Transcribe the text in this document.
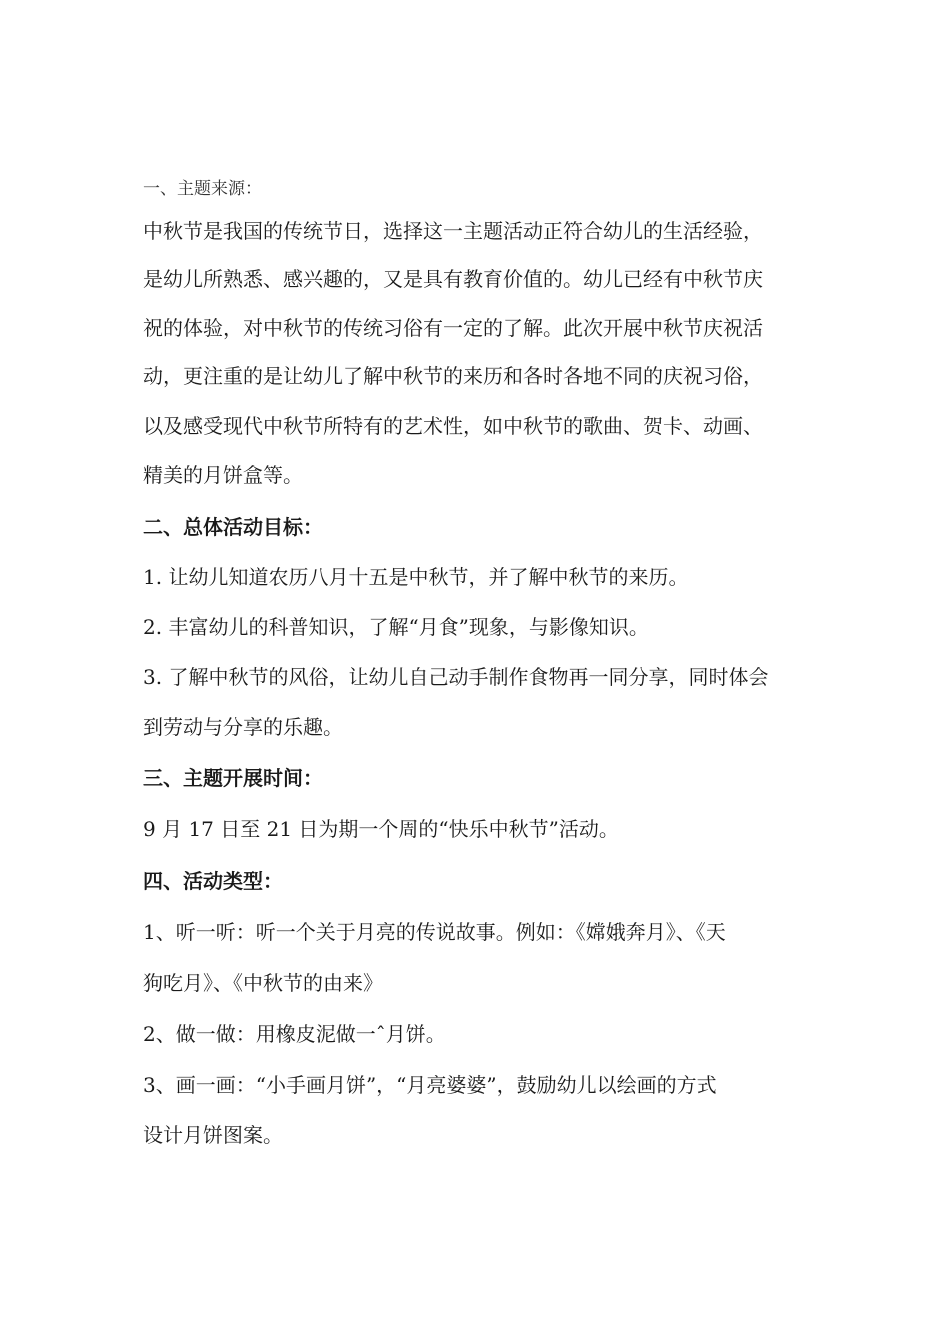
一、主题来源：
中秋节是我国的传统节日，选择这一主题活动正符合幼儿的生活经验，
是幼儿所熟悉、感兴趣的，又是具有教育价值的。幼儿已经有中秋节庆
祝的体验，对中秋节的传统习俗有一定的了解。此次开展中秋节庆祝活
动，更注重的是让幼儿了解中秋节的来历和各时各地不同的庆祝习俗，
以及感受现代中秋节所特有的艺术性，如中秋节的歌曲、贺卡、动画、
精美的月饼盒等。
二、总体活动目标：
1. 让幼儿知道农历八月十五是中秋节，并了解中秋节的来历。
2. 丰富幼儿的科普知识，了解“月食”现象，与影像知识。
3. 了解中秋节的风俗，让幼儿自己动手制作食物再一同分享，同时体会
到劳动与分享的乐趣。
三、主题开展时间：
9 月 17 日至 21 日为期一个周的“快乐中秋节”活动。
四、活动类型：
1、听一听：听一个关于月亮的传说故事。例如：《嫦娥奔月》、《天
狗吃月》、《中秋节的由来》
2、做一做：用橡皮泥做一ˆ月饼。
3、画一画：“小手画月饼”，“月亮婆婆”，鼓励幼儿以绘画的方式
设计月饼图案。
